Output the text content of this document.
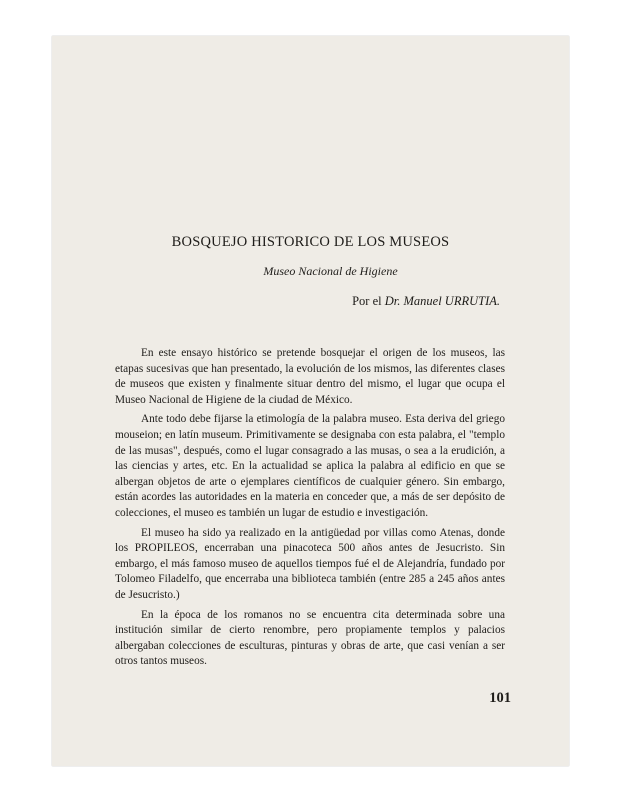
BOSQUEJO HISTORICO DE LOS MUSEOS
Museo Nacional de Higiene
Por el Dr. Manuel URRUTIA.

En este ensayo histórico se pretende bosquejar el origen de los museos, las etapas sucesivas que han presentado, la evolución de los mismos, las diferentes clases de museos que existen y finalmente situar dentro del mismo, el lugar que ocupa el Museo Nacional de Higiene de la ciudad de México.

Ante todo debe fijarse la etimología de la palabra museo. Esta deriva del griego mouseion; en latín museum. Primitivamente se designaba con esta palabra, el "templo de las musas", después, como el lugar consagrado a las musas, o sea a la erudición, a las ciencias y artes, etc. En la actualidad se aplica la palabra al edificio en que se albergan objetos de arte o ejemplares científicos de cualquier género. Sin embargo, están acordes las autoridades en la materia en conceder que, a más de ser depósito de colecciones, el museo es también un lugar de estudio e investigación.

El museo ha sido ya realizado en la antigüedad por villas como Atenas, donde los PROPILEOS, encerraban una pinacoteca 500 años antes de Jesucristo. Sin embargo, el más famoso museo de aquellos tiempos fué el de Alejandría, fundado por Tolomeo Filadelfo, que encerraba una biblioteca también (entre 285 a 245 años antes de Jesucristo.)

En la época de los romanos no se encuentra cita determinada sobre una institución similar de cierto renombre, pero propiamente templos y palacios albergaban colecciones de esculturas, pinturas y obras de arte, que casi venían a ser otros tantos museos.

101
